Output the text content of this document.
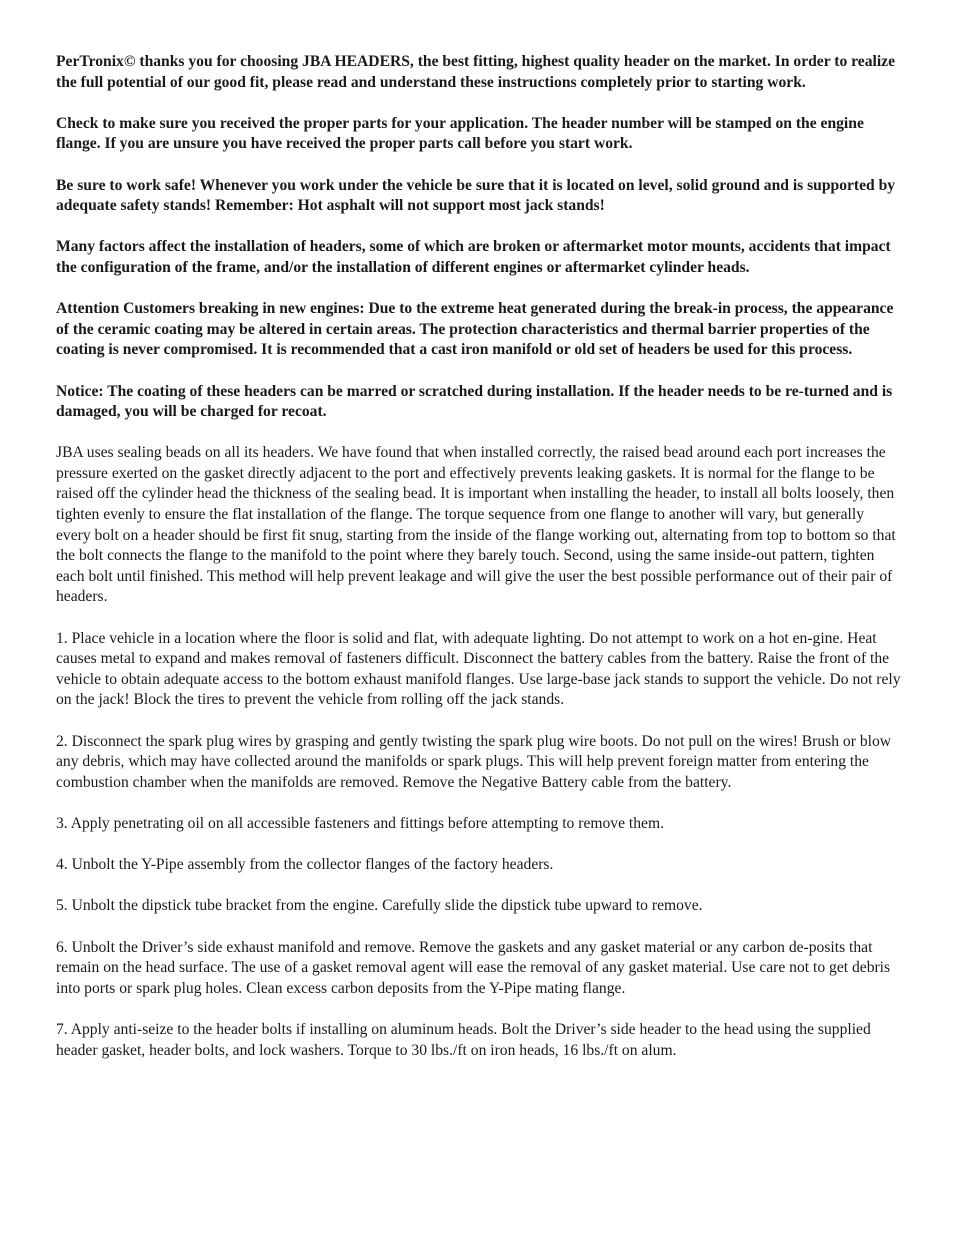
PerTronix© thanks you for choosing JBA HEADERS, the best fitting, highest quality header on the market. In order to realize the full potential of our good fit, please read and understand these instructions completely prior to starting work.

Check to make sure you received the proper parts for your application. The header number will be stamped on the engine flange. If you are unsure you have received the proper parts call before you start work.

Be sure to work safe! Whenever you work under the vehicle be sure that it is located on level, solid ground and is supported by adequate safety stands! Remember: Hot asphalt will not support most jack stands!

Many factors affect the installation of headers, some of which are broken or aftermarket motor mounts, accidents that impact the configuration of the frame, and/or the installation of different engines or aftermarket cylinder heads.

Attention Customers breaking in new engines: Due to the extreme heat generated during the break-in process, the appearance of the ceramic coating may be altered in certain areas. The protection characteristics and thermal barrier properties of the coating is never compromised. It is recommended that a cast iron manifold or old set of headers be used for this process.

Notice: The coating of these headers can be marred or scratched during installation. If the header needs to be re-turned and is damaged, you will be charged for recoat.

JBA uses sealing beads on all its headers. We have found that when installed correctly, the raised bead around each port increases the pressure exerted on the gasket directly adjacent to the port and effectively prevents leaking gaskets. It is normal for the flange to be raised off the cylinder head the thickness of the sealing bead. It is important when installing the header, to install all bolts loosely, then tighten evenly to ensure the flat installation of the flange. The torque sequence from one flange to another will vary, but generally every bolt on a header should be first fit snug, starting from the inside of the flange working out, alternating from top to bottom so that the bolt connects the flange to the manifold to the point where they barely touch. Second, using the same inside-out pattern, tighten each bolt until finished. This method will help prevent leakage and will give the user the best possible performance out of their pair of headers.

1. Place vehicle in a location where the floor is solid and flat, with adequate lighting. Do not attempt to work on a hot en-gine. Heat causes metal to expand and makes removal of fasteners difficult. Disconnect the battery cables from the battery. Raise the front of the vehicle to obtain adequate access to the bottom exhaust manifold flanges. Use large-base jack stands to support the vehicle. Do not rely on the jack! Block the tires to prevent the vehicle from rolling off the jack stands.

2. Disconnect the spark plug wires by grasping and gently twisting the spark plug wire boots. Do not pull on the wires! Brush or blow any debris, which may have collected around the manifolds or spark plugs. This will help prevent foreign matter from entering the combustion chamber when the manifolds are removed. Remove the Negative Battery cable from the battery.

3. Apply penetrating oil on all accessible fasteners and fittings before attempting to remove them.

4. Unbolt the Y-Pipe assembly from the collector flanges of the factory headers.

5. Unbolt the dipstick tube bracket from the engine. Carefully slide the dipstick tube upward to remove.

6. Unbolt the Driver’s side exhaust manifold and remove. Remove the gaskets and any gasket material or any carbon de-posits that remain on the head surface. The use of a gasket removal agent will ease the removal of any gasket material. Use care not to get debris into ports or spark plug holes. Clean excess carbon deposits from the Y-Pipe mating flange.

7. Apply anti-seize to the header bolts if installing on aluminum heads. Bolt the Driver’s side header to the head using the supplied header gasket, header bolts, and lock washers. Torque to 30 lbs./ft on iron heads, 16 lbs./ft on alum.
